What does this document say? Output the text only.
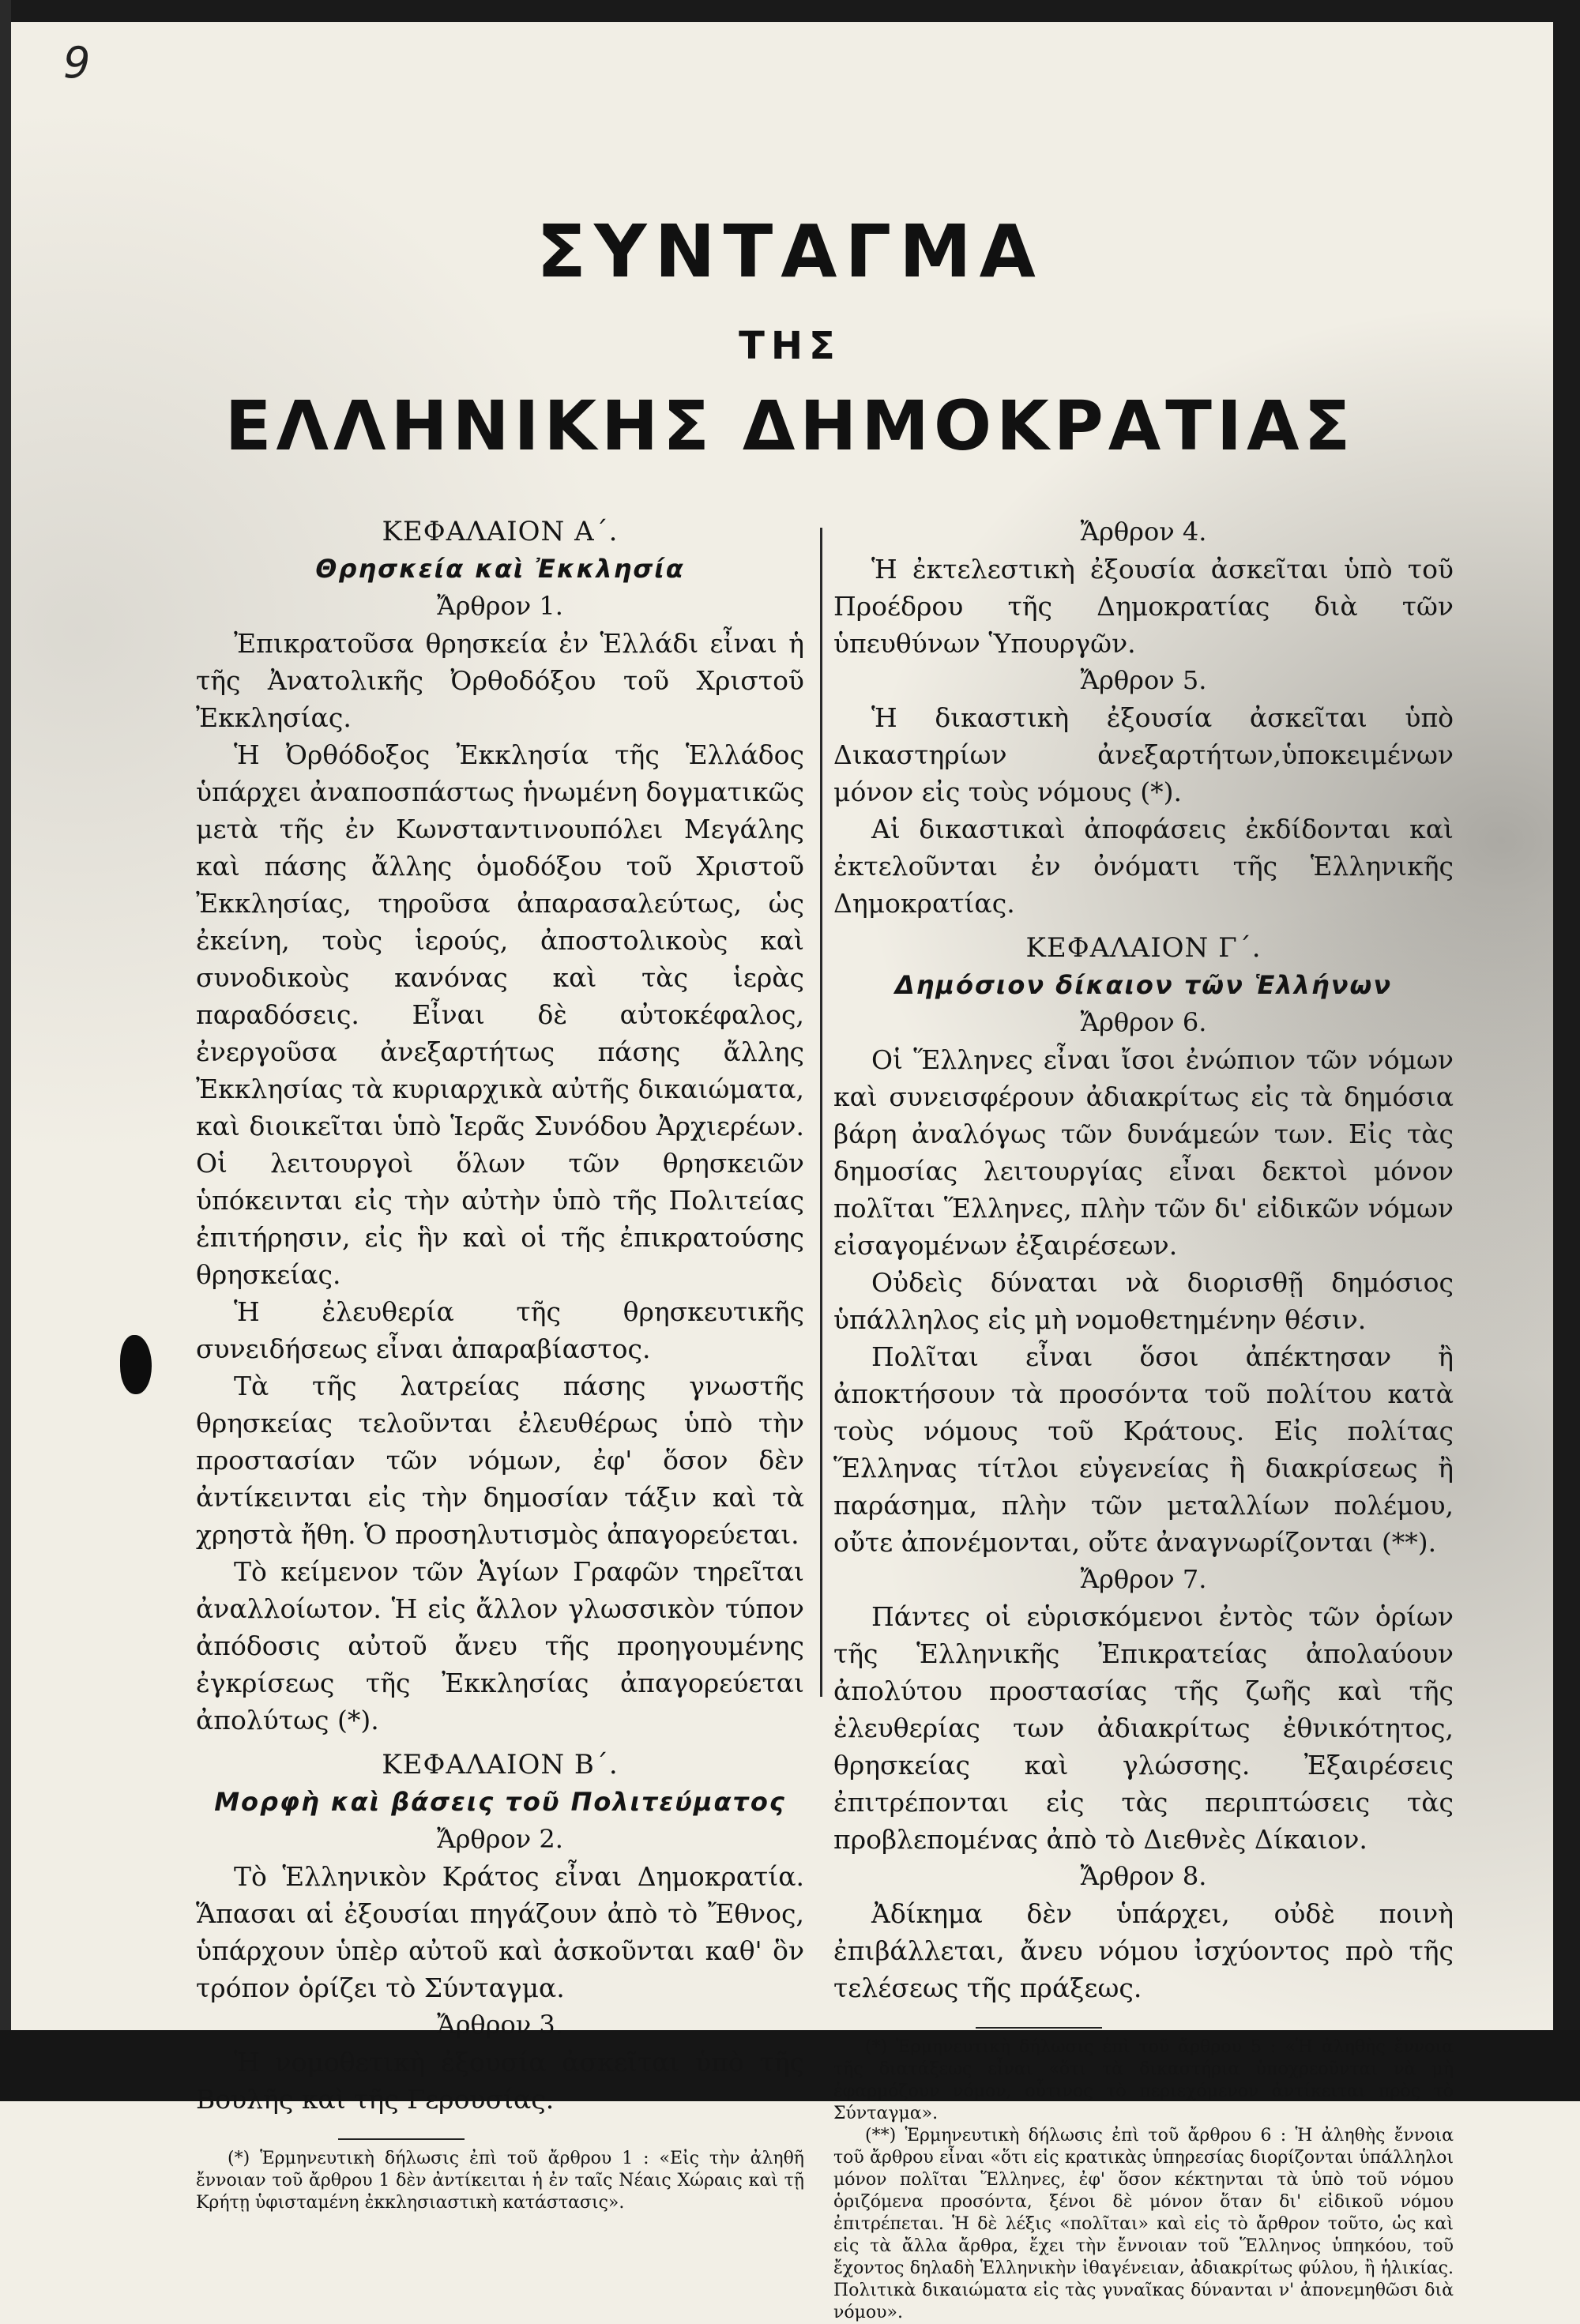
9
ΣΥΝΤΑΓΜΑ
ΤΗΣ
ΕΛΛΗΝΙΚΗΣ ΔΗΜΟΚΡΑΤΙΑΣ

ΚΕΦΑΛΑΙΟΝ Α΄.

Θρησκεία καὶ Ἐκκλησία

Ἄρθρον 1.

Ἐπικρατοῦσα θρησκεία ἐν Ἑλλάδι εἶναι ἡ τῆς Ἀνατολικῆς Ὀρθοδόξου τοῦ Χριστοῦ Ἐκκλησίας.

Ἡ Ὀρθόδοξος Ἐκκλησία τῆς Ἑλλάδος ὑπάρχει ἀναποσπάστως ἡνωμένη δογματικῶς μετὰ τῆς ἐν Κωνσταντινουπόλει Μεγάλης καὶ πάσης ἄλλης ὁμοδόξου τοῦ Χριστοῦ Ἐκκλησίας, τηροῦσα ἀπαρασαλεύτως, ὡς ἐκείνη, τοὺς ἱερούς, ἀποστολικοὺς καὶ συνοδικοὺς κανόνας καὶ τὰς ἱερὰς παραδόσεις. Εἶναι δὲ αὐτοκέφαλος, ἐνεργοῦσα ἀνεξαρτήτως πάσης ἄλλης Ἐκκλησίας τὰ κυριαρχικὰ αὐτῆς δικαιώματα, καὶ διοικεῖται ὑπὸ Ἱερᾶς Συνόδου Ἀρχιερέων. Οἱ λειτουργοὶ ὅλων τῶν θρησκειῶν ὑπόκεινται εἰς τὴν αὐτὴν ὑπὸ τῆς Πολιτείας ἐπιτήρησιν, εἰς ἣν καὶ οἱ τῆς ἐπικρατούσης θρησκείας.

Ἡ ἐλευθερία τῆς θρησκευτικῆς συνειδήσεως εἶναι ἀπαραβίαστος.

Τὰ τῆς λατρείας πάσης γνωστῆς θρησκείας τελοῦνται ἐλευθέρως ὑπὸ τὴν προστασίαν τῶν νόμων, ἐφ' ὅσον δὲν ἀντίκεινται εἰς τὴν δημοσίαν τάξιν καὶ τὰ χρηστὰ ἤθη. Ὁ προσηλυτισμὸς ἀπαγορεύεται.

Τὸ κείμενον τῶν Ἁγίων Γραφῶν τηρεῖται ἀναλλοίωτον. Ἡ εἰς ἄλλον γλωσσικὸν τύπον ἀπόδοσις αὐτοῦ ἄνευ τῆς προηγουμένης ἐγκρίσεως τῆς Ἐκκλησίας ἀπαγορεύεται ἀπολύτως (*).

ΚΕΦΑΛΑΙΟΝ Β΄.

Μορφὴ καὶ βάσεις τοῦ Πολιτεύματος

Ἄρθρον 2.

Τὸ Ἑλληνικὸν Κράτος εἶναι Δημοκρατία. Ἅπασαι αἱ ἐξουσίαι πηγάζουν ἀπὸ τὸ Ἔθνος, ὑπάρχουν ὑπὲρ αὐτοῦ καὶ ἀσκοῦνται καθ' ὃν τρόπον ὁρίζει τὸ Σύνταγμα.

Ἄρθρον 3.

Ἡ νομοθετικὴ ἐξουσία ἀσκεῖται ὑπὸ τῆς Βουλῆς καὶ τῆς Γερουσίας.

(*) Ἑρμηνευτικὴ δήλωσις ἐπὶ τοῦ ἄρθρου 1 : «Εἰς τὴν ἀληθῆ ἔννοιαν τοῦ ἄρθρου 1 δὲν ἀντίκειται ἡ ἐν ταῖς Νέαις Χώραις καὶ τῇ Κρήτῃ ὑφισταμένη ἐκκλησιαστικὴ κατάστασις».

Ἄρθρον 4.

Ἡ ἐκτελεστικὴ ἐξουσία ἀσκεῖται ὑπὸ τοῦ Προέδρου τῆς Δημοκρατίας διὰ τῶν ὑπευθύνων Ὑπουργῶν.

Ἄρθρον 5.

Ἡ δικαστικὴ ἐξουσία ἀσκεῖται ὑπὸ Δικαστηρίων ἀνεξαρτήτων,ὑποκειμένων μόνον εἰς τοὺς νόμους (*).

Αἱ δικαστικαὶ ἀποφάσεις ἐκδίδονται καὶ ἐκτελοῦνται ἐν ὀνόματι τῆς Ἑλληνικῆς Δημοκρατίας.

ΚΕΦΑΛΑΙΟΝ Γ΄.

Δημόσιον δίκαιον τῶν Ἑλλήνων

Ἄρθρον 6.

Οἱ Ἕλληνες εἶναι ἴσοι ἐνώπιον τῶν νόμων καὶ συνεισφέρουν ἀδιακρίτως εἰς τὰ δημόσια βάρη ἀναλόγως τῶν δυνάμεών των. Εἰς τὰς δημοσίας λειτουργίας εἶναι δεκτοὶ μόνον πολῖται Ἕλληνες, πλὴν τῶν δι' εἰδικῶν νόμων εἰσαγομένων ἐξαιρέσεων.

Οὐδεὶς δύναται νὰ διορισθῇ δημόσιος ὑπάλληλος εἰς μὴ νομοθετημένην θέσιν.

Πολῖται εἶναι ὅσοι ἀπέκτησαν ἢ ἀποκτήσουν τὰ προσόντα τοῦ πολίτου κατὰ τοὺς νόμους τοῦ Κράτους. Εἰς πολίτας Ἕλληνας τίτλοι εὐγενείας ἢ διακρίσεως ἢ παράσημα, πλὴν τῶν μεταλλίων πολέμου, οὔτε ἀπονέμονται, οὔτε ἀναγνωρίζονται (**).

Ἄρθρον 7.

Πάντες οἱ εὑρισκόμενοι ἐντὸς τῶν ὁρίων τῆς Ἑλληνικῆς Ἐπικρατείας ἀπολαύουν ἀπολύτου προστασίας τῆς ζωῆς καὶ τῆς ἐλευθερίας των ἀδιακρίτως ἐθνικότητος, θρησκείας καὶ γλώσσης. Ἐξαιρέσεις ἐπιτρέπονται εἰς τὰς περιπτώσεις τὰς προβλεπομένας ἀπὸ τὸ Διεθνὲς Δίκαιον.

Ἄρθρον 8.

Ἀδίκημα δὲν ὑπάρχει, οὐδὲ ποινὴ ἐπιβάλλεται, ἄνευ νόμου ἰσχύοντος πρὸ τῆς τελέσεως τῆς πράξεως.

(*) Ἑρμηνευτικὴ δήλωσις ἐπὶ τοῦ ἄρθρου 5 : «Ἡ ἀληθὴς ἔννοια τῆς διατάξεως εἶναι «ὅτι τὰ δικαστήρια ὑποχρεοῦνται νὰ μὴ ἐφαρμόζουν νόμον, οὗτινος τὸ περιεχόμενον ἀντίκειται πρὸς τὸ Σύνταγμα».

(**) Ἑρμηνευτικὴ δήλωσις ἐπὶ τοῦ ἄρθρου 6 : Ἡ ἀληθὴς ἔννοια τοῦ ἄρθρου εἶναι «ὅτι εἰς κρατικὰς ὑπηρεσίας διορίζονται ὑπάλληλοι μόνον πολῖται Ἕλληνες, ἐφ' ὅσον κέκτηνται τὰ ὑπὸ τοῦ νόμου ὁριζόμενα προσόντα, ξένοι δὲ μόνον ὅταν δι' εἰδικοῦ νόμου ἐπιτρέπεται. Ἡ δὲ λέξις «πολῖται» καὶ εἰς τὸ ἄρθρον τοῦτο, ὡς καὶ εἰς τὰ ἄλλα ἄρθρα, ἔχει τὴν ἔννοιαν τοῦ Ἕλληνος ὑπηκόου, τοῦ ἔχοντος δηλαδὴ Ἑλληνικὴν ἰθαγένειαν, ἀδιακρίτως φύλου, ἢ ἡλικίας. Πολιτικὰ δικαιώματα εἰς τὰς γυναῖκας δύνανται ν' ἀπονεμηθῶσι διὰ νόμου».
